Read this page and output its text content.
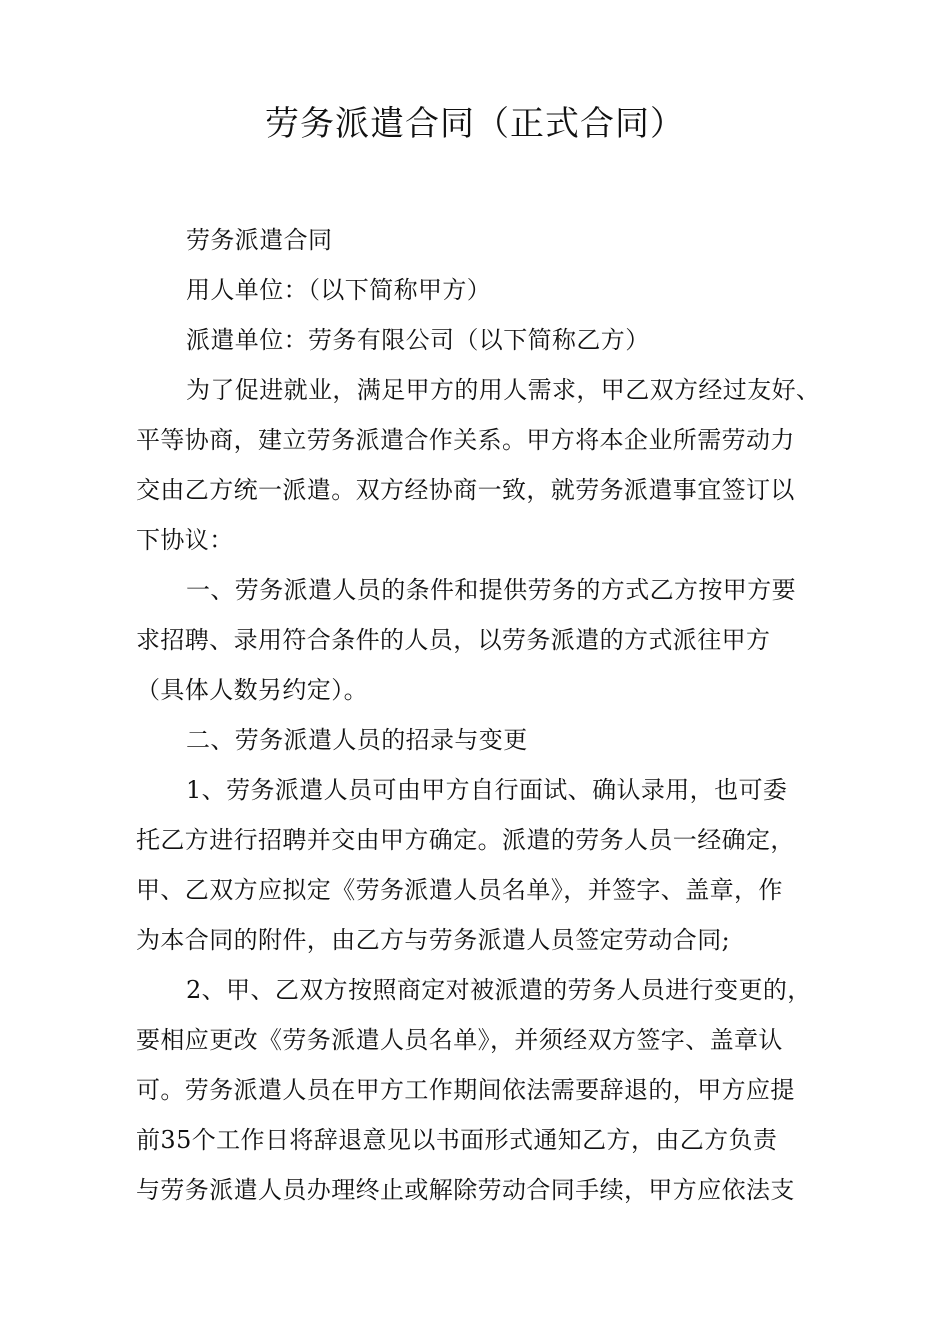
劳务派遣合同（正式合同）
劳务派遣合同
用人单位：（以下简称甲方）
派遣单位：劳务有限公司（以下简称乙方）
为了促进就业，满足甲方的用人需求，甲乙双方经过友好、
平等协商，建立劳务派遣合作关系。甲方将本企业所需劳动力
交由乙方统一派遣。双方经协商一致，就劳务派遣事宜签订以
下协议：
一、劳务派遣人员的条件和提供劳务的方式乙方按甲方要
求招聘、录用符合条件的人员，以劳务派遣的方式派往甲方
（具体人数另约定）。
二、劳务派遣人员的招录与变更
1、劳务派遣人员可由甲方自行面试、确认录用，也可委
托乙方进行招聘并交由甲方确定。派遣的劳务人员一经确定，
甲、乙双方应拟定《劳务派遣人员名单》，并签字、盖章，作
为本合同的附件，由乙方与劳务派遣人员签定劳动合同;
2、甲、乙双方按照商定对被派遣的劳务人员进行变更的，
要相应更改《劳务派遣人员名单》，并须经双方签字、盖章认
可。劳务派遣人员在甲方工作期间依法需要辞退的，甲方应提
前35个工作日将辞退意见以书面形式通知乙方，由乙方负责
与劳务派遣人员办理终止或解除劳动合同手续，甲方应依法支
